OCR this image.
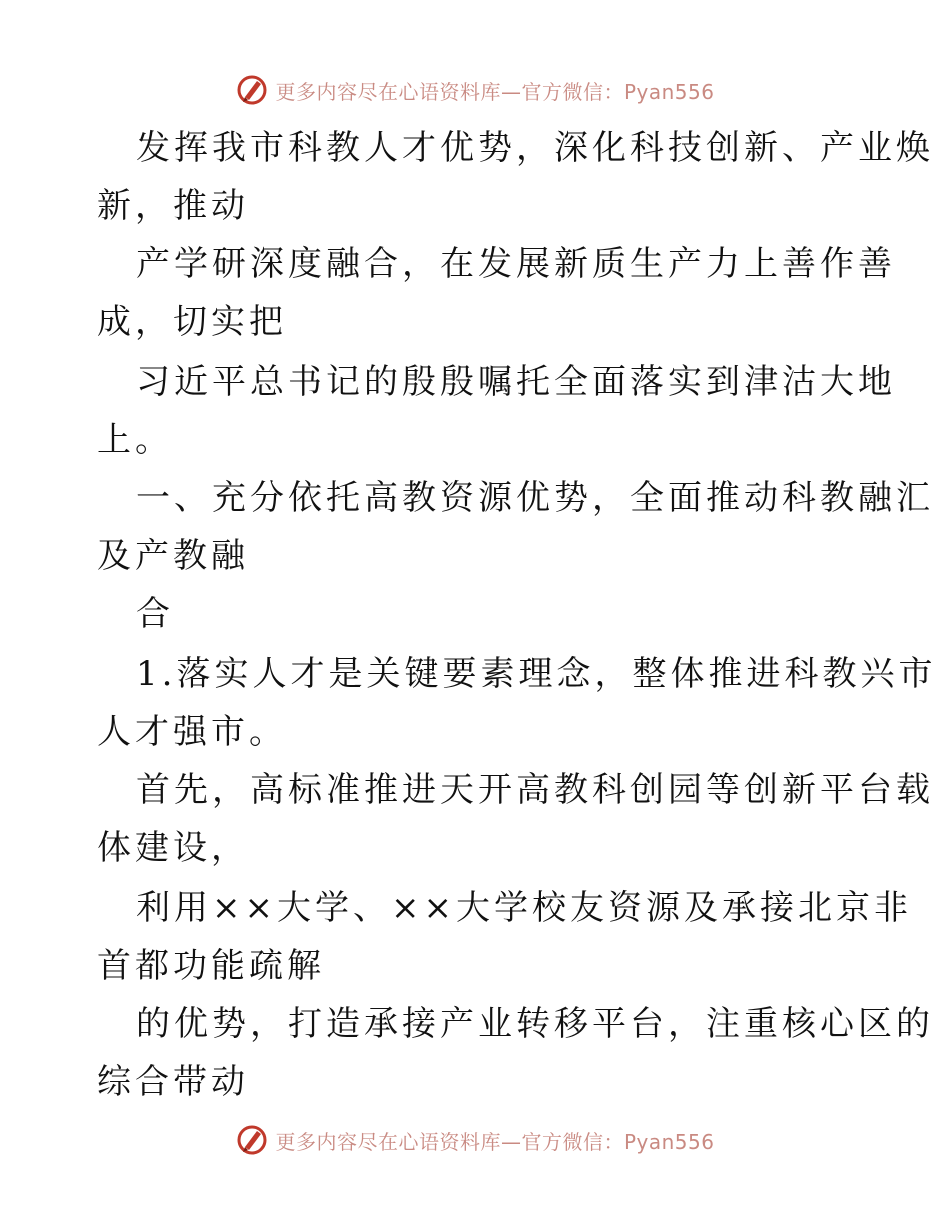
更多内容尽在心语资料库—官方微信：Pyan556
发挥我市科教人才优势，深化科技创新、产业焕
新，推动
产学研深度融合，在发展新质生产力上善作善
成，切实把
习近平总书记的殷殷嘱托全面落实到津沽大地
上。
一、充分依托高教资源优势，全面推动科教融汇
及产教融
合
1.落实人才是关键要素理念，整体推进科教兴市
人才强市。
首先，高标准推进天开高教科创园等创新平台载
体建设，
利用××大学、××大学校友资源及承接北京非
首都功能疏解
的优势，打造承接产业转移平台，注重核心区的
综合带动
更多内容尽在心语资料库—官方微信：Pyan556
